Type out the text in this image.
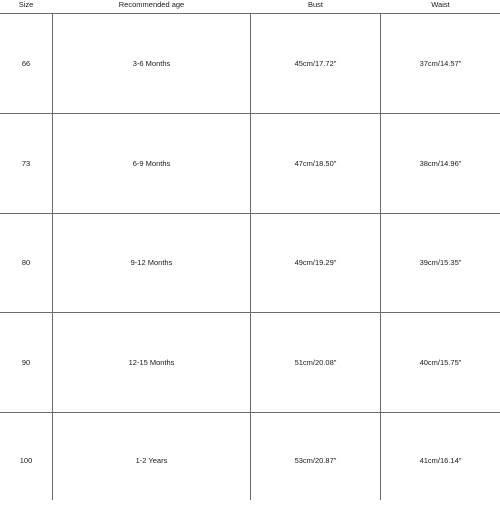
Size	Recommended age	Bust	Waist
66	3-6 Months	45cm/17.72"	37cm/14.57"
73	6-9 Months	47cm/18.50"	38cm/14.96"
80	9-12 Months	49cm/19.29"	39cm/15.35"
90	12-15 Months	51cm/20.08"	40cm/15.75"
100	1-2 Years	53cm/20.87"	41cm/16.14"
